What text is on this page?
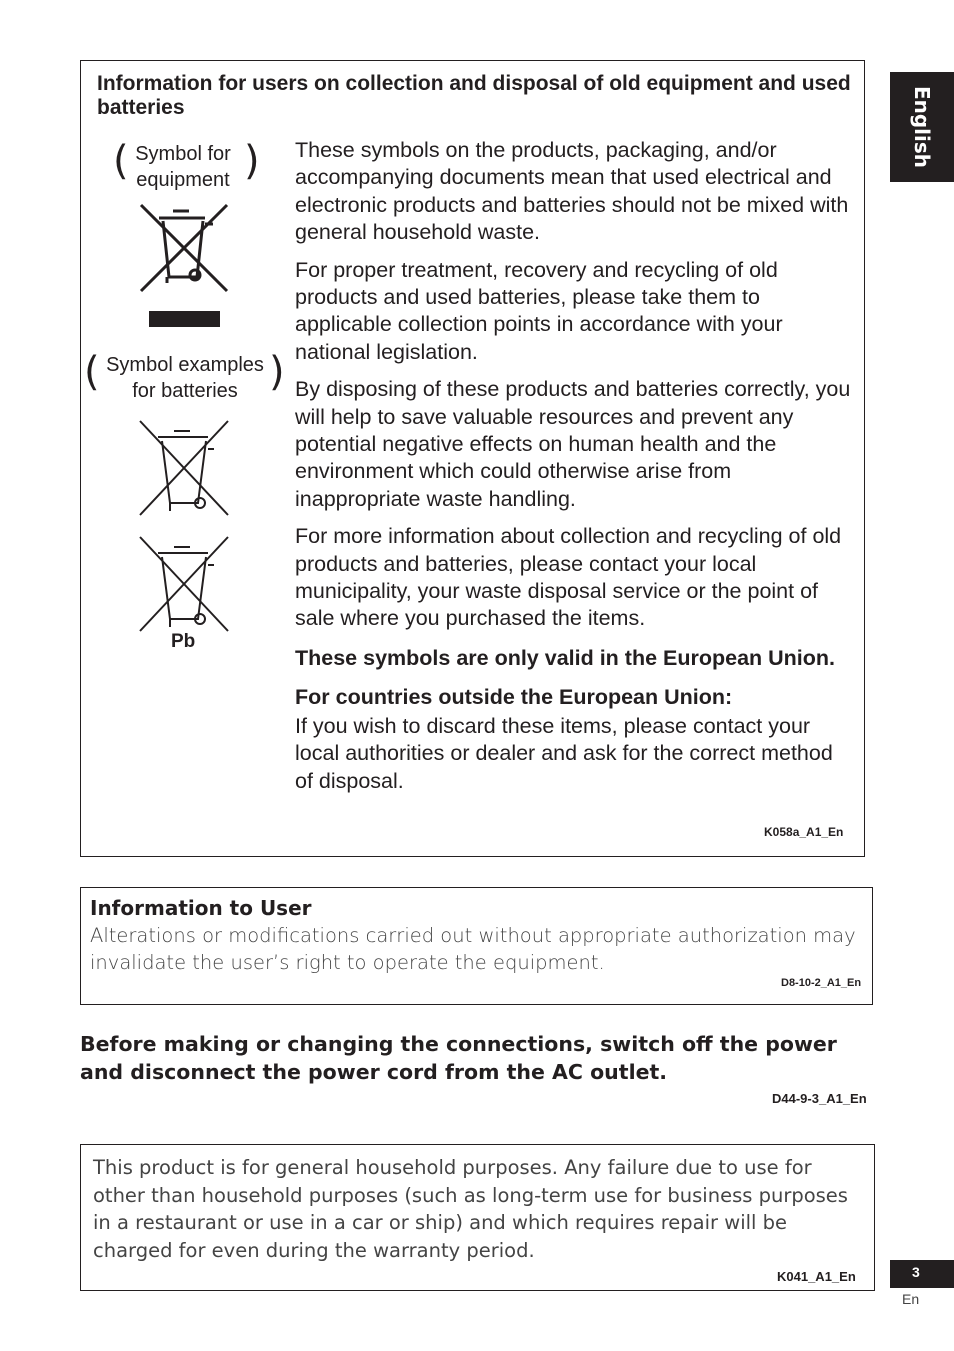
Information for users on collection and disposal of old equipment and used batteries
( Symbol for
equipment )
( Symbol examples
for batteries )
Pb

These symbols on the products, packaging, and/or accompanying documents mean that used electrical and electronic products and batteries should not be mixed with general household waste.

For proper treatment, recovery and recycling of old products and used batteries, please take them to applicable collection points in accordance with your national legislation.

By disposing of these products and batteries correctly, you will help to save valuable resources and prevent any potential negative effects on human health and the environment which could otherwise arise from inappropriate waste handling.

For more information about collection and recycling of old products and batteries, please contact your local municipality, your waste disposal service or the point of sale where you purchased the items.

These symbols are only valid in the European Union.

For countries outside the European Union:

If you wish to discard these items, please contact your local authorities or dealer and ask for the correct method of disposal.

K058a_A1_En
Information to User
Alterations or modifications carried out without appropriate authorization may invalidate the user’s right to operate the equipment.
D8-10-2_A1_En
Before making or changing the connections, switch off the power and disconnect the power cord from the AC outlet.
D44-9-3_A1_En
This product is for general household purposes. Any failure due to use for other than household purposes (such as long-term use for business purposes in a restaurant or use in a car or ship) and which requires repair will be charged for even during the warranty period.
K041_A1_En
English
3
En
